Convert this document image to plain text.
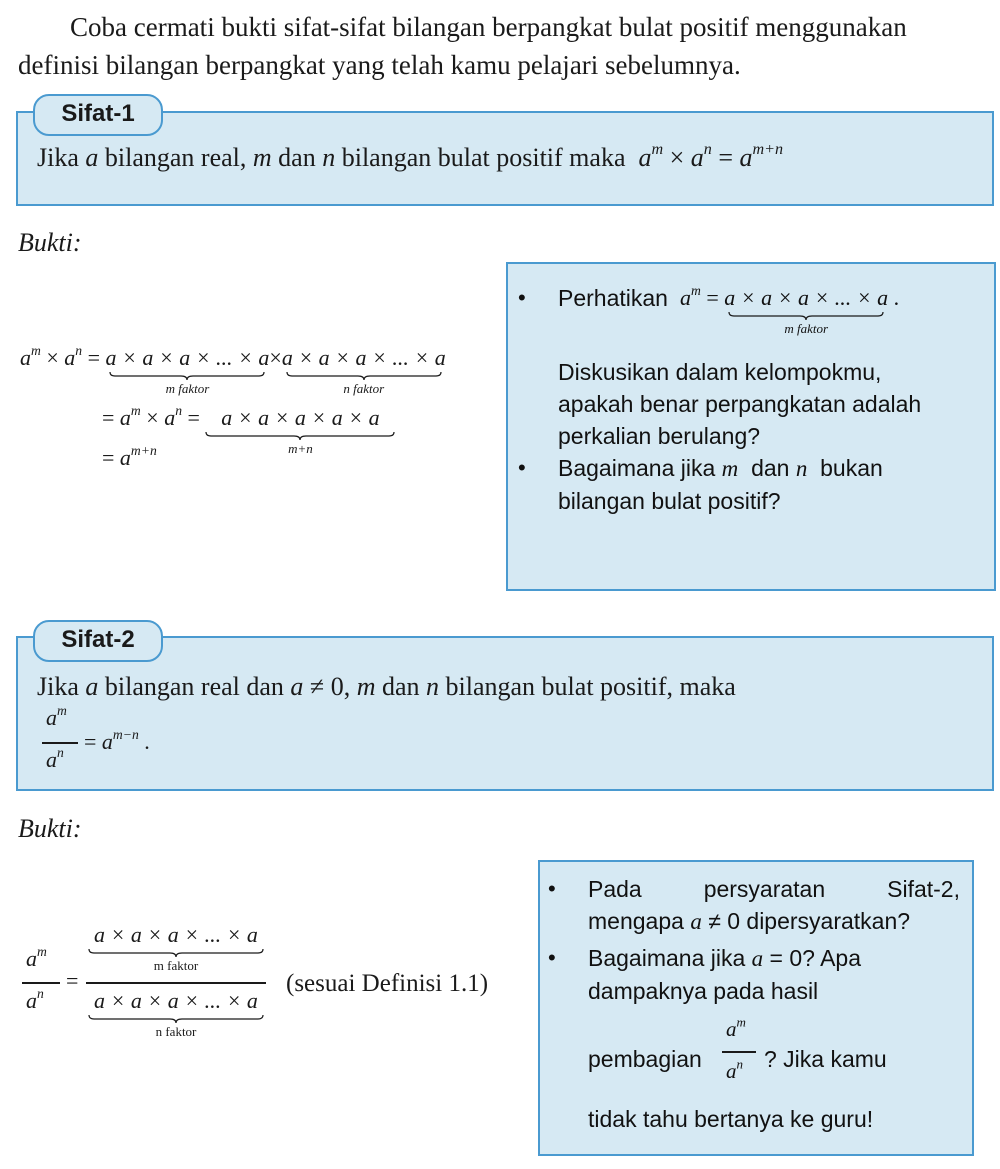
Coba cermati bukti sifat-sifat bilangan berpangkat bulat positif menggunakan

definisi bilangan berpangkat yang telah kamu pelajari sebelumnya.
Sifat-1
Jika a bilangan real, m dan n bilangan bulat positif maka $a^m \times a^n = a^{m+n}$
Bukti:
$a^m \times a^n = a \times a \times a$ × ... × a
m faktor
×a × a × a × ... × a
n faktor
= $a^m \times a^n = a \times a \times a \times a \times a$
m+n
= $a^{m+n}$
• Perhatikan $a^m = a \times a \times a$ × ... × a
m faktor
.
Diskusikan dalam kelompokmu,
apakah benar perpangkatan adalah
perkalian berulang?
• Bagaimana jika m dan n bukan
bilangan bulat positif?
Sifat-2
Jika a bilangan real dan a ≠ 0, m dan n bilangan bulat positif, maka
$a^m$
$a^n = a^{m-n}$ .
Bukti:
$a^m$
$a^n$
=
a × a × a × ... × a
m faktor
a × a × a × ... × a
n faktor
(sesuai Definisi 1.1)
• Pada	persyaratan	Sifat-2,
mengapa a ≠ 0 dipersyaratkan?
• Bagaimana jika a = 0? Apa
dampaknya pada hasil
pembagian
$a^m$
$a^n$ ? Jika kamu
tidak tahu bertanya ke guru!
